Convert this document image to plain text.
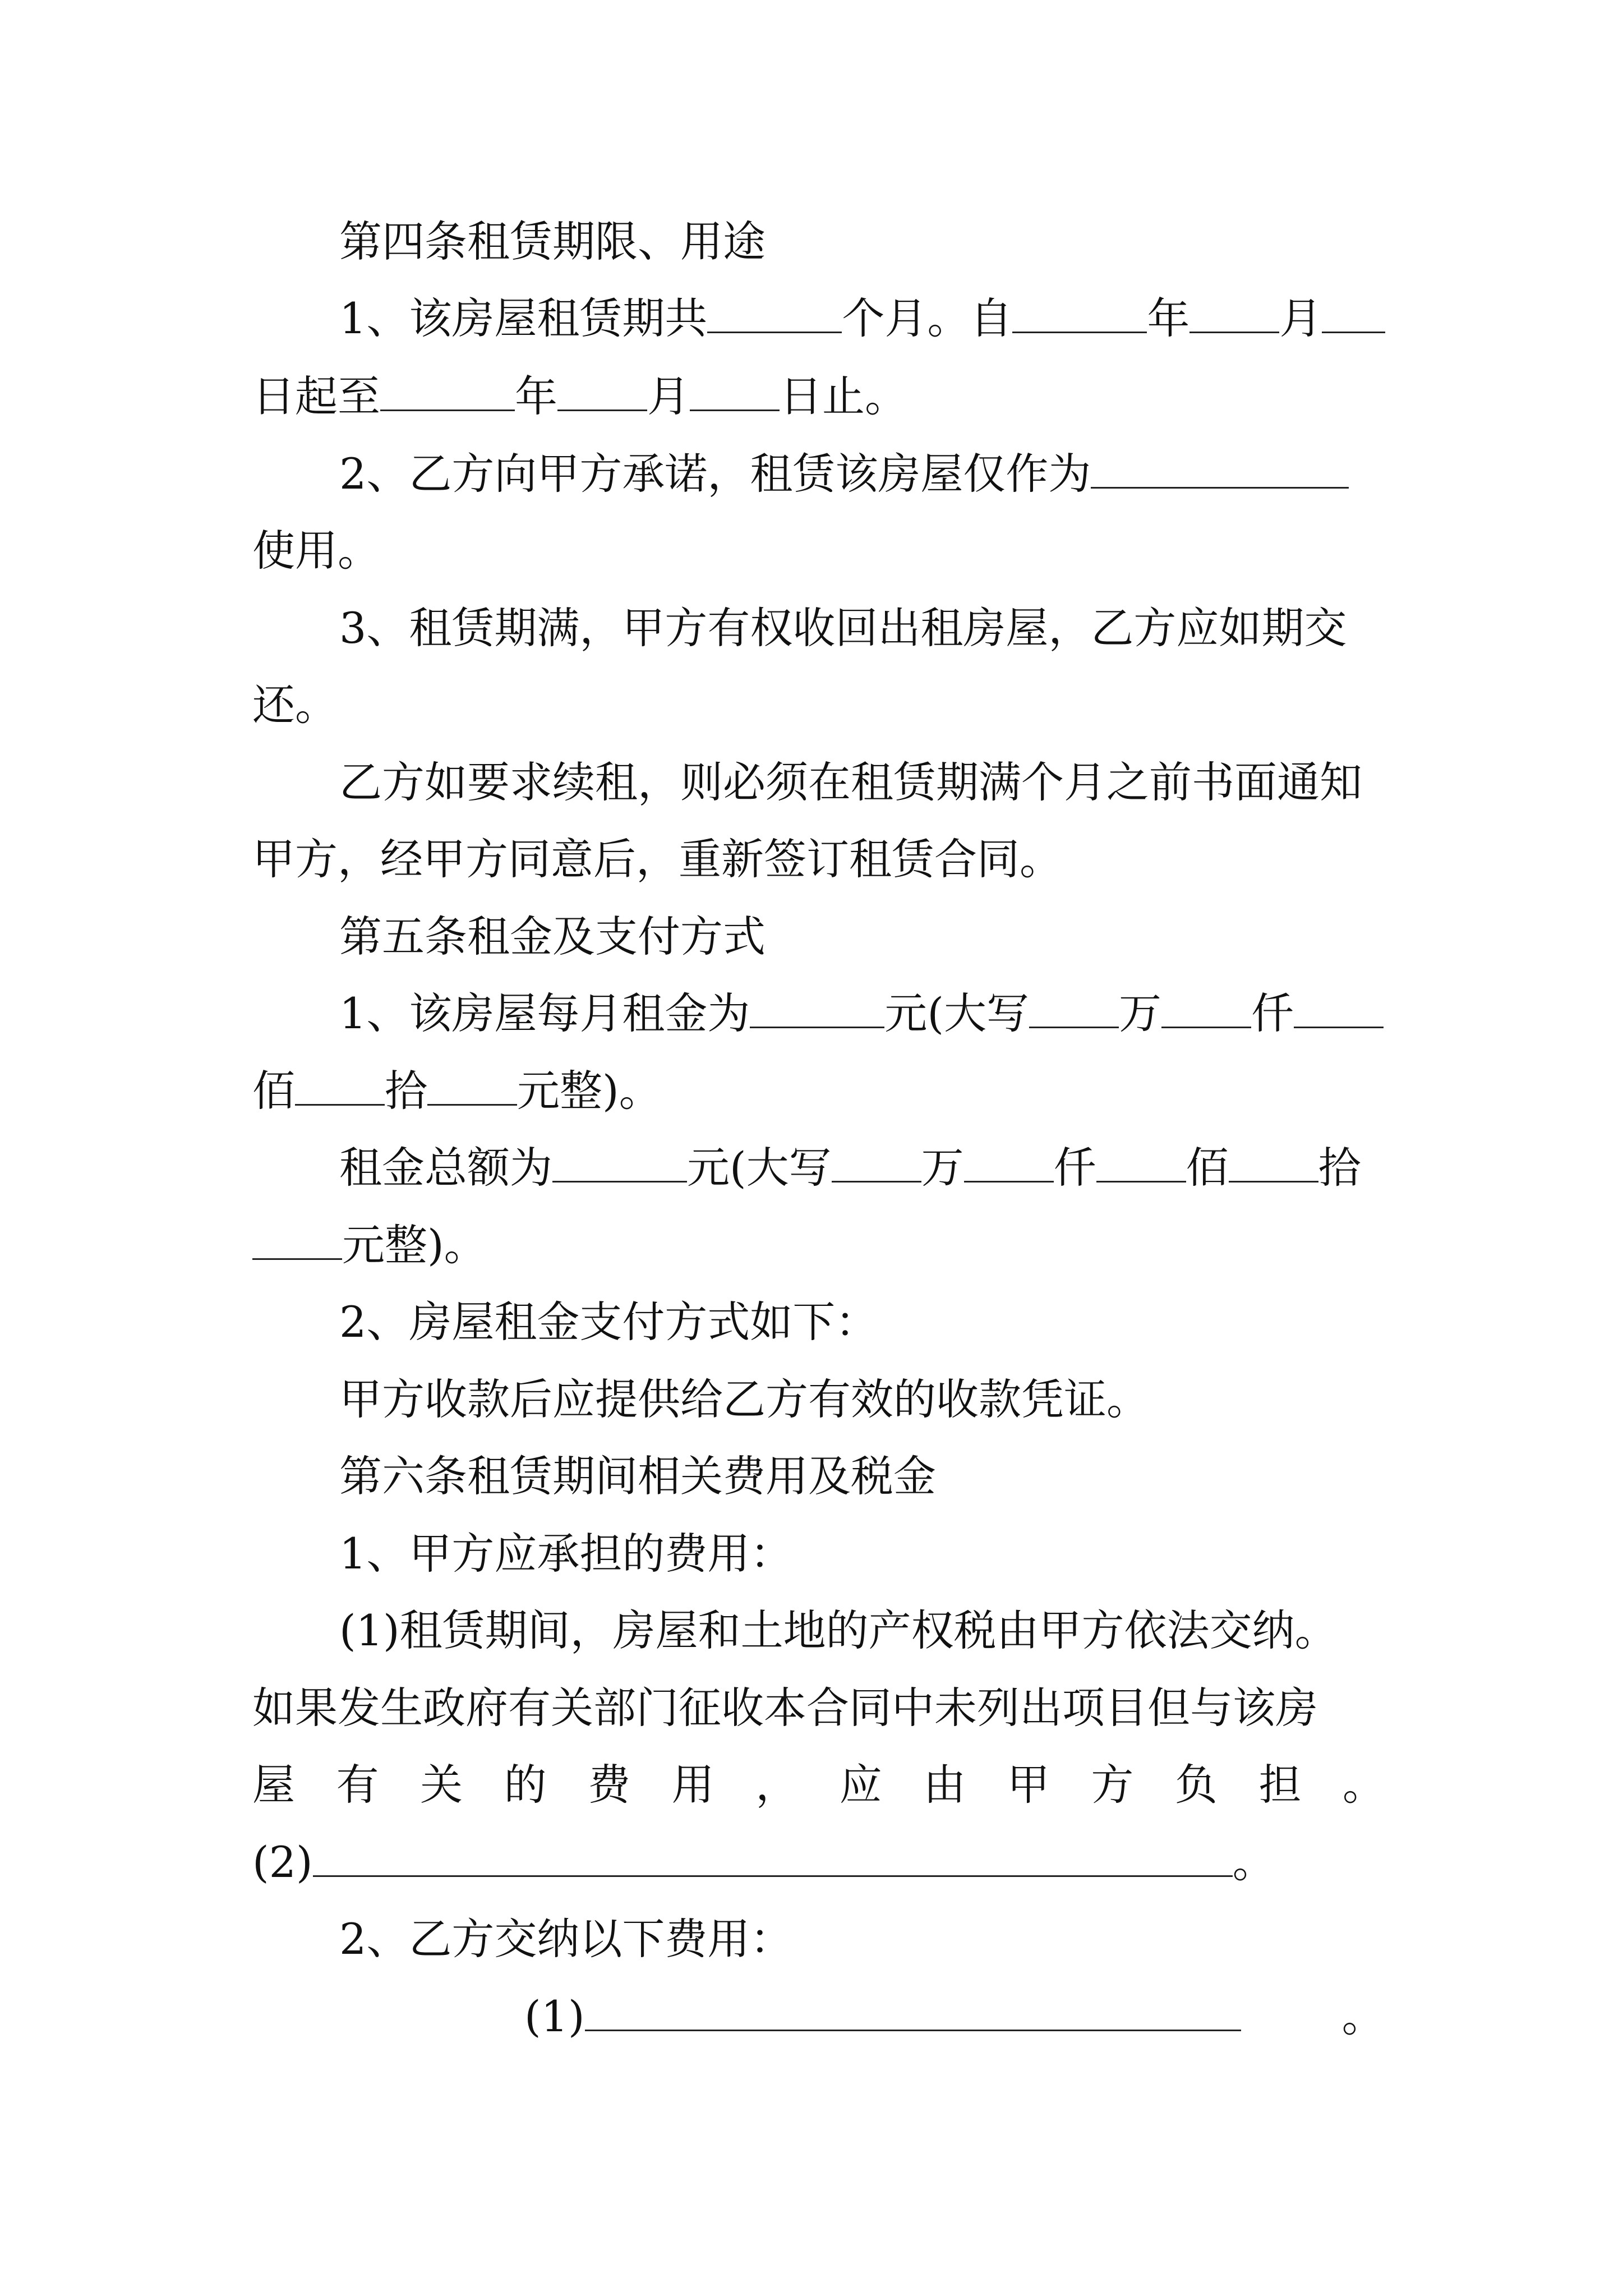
第四条租赁期限、用途
1、该房屋租赁期共	个月。自	年 月
日起至	年 月 日止。
2、乙方向甲方承诺，租赁该房屋仅作为
使用。
3、租赁期满，甲方有权收回出租房屋，乙方应如期交
还。
乙方如要求续租，则必须在租赁期满个月之前书面通知
甲方，经甲方同意后，重新签订租赁合同。
第五条租金及支付方式
1、该房屋每月租金为	元(大写 万 仟
佰 拾 元整)。
租金总额为	元(大写 万 仟 佰 拾
元整)。
2、房屋租金支付方式如下：
甲方收款后应提供给乙方有效的收款凭证。
第六条租赁期间相关费用及税金
1、甲方应承担的费用：
(1)租赁期间，房屋和土地的产权税由甲方依法交纳。
如果发生政府有关部门征收本合同中未列出项目但与该房
屋 有 关 的 费 用 ， 应 由 甲 方 负 担 。
(2)	。
2、乙方交纳以下费用：
(1)	。
